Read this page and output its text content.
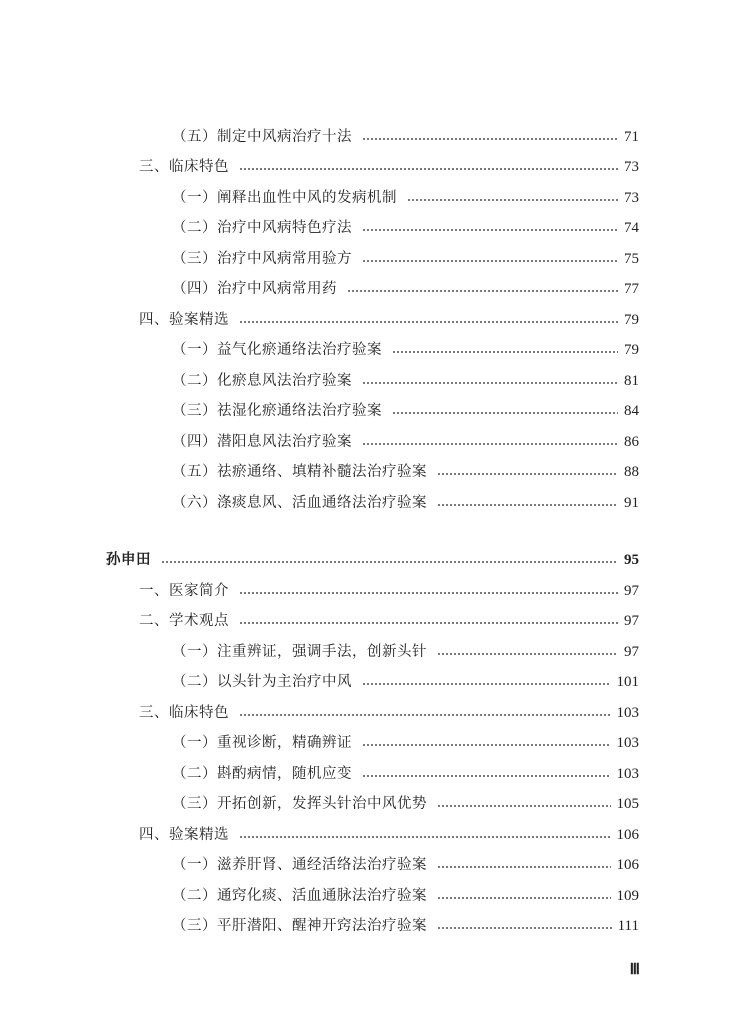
（五）制定中风病治疗十法	71
三、临床特色	73
（一）阐释出血性中风的发病机制	73
（二）治疗中风病特色疗法	74
（三）治疗中风病常用验方	75
（四）治疗中风病常用药	77
四、验案精选	79
（一）益气化瘀通络法治疗验案	79
（二）化瘀息风法治疗验案	81
（三）祛湿化瘀通络法治疗验案	84
（四）潜阳息风法治疗验案	86
（五）祛瘀通络、填精补髓法治疗验案	88
（六）涤痰息风、活血通络法治疗验案	91
孙申田	95
一、医家简介	97
二、学术观点	97
（一）注重辨证，强调手法，创新头针	97
（二）以头针为主治疗中风	101
三、临床特色	103
（一）重视诊断，精确辨证	103
（二）斟酌病情，随机应变	103
（三）开拓创新，发挥头针治中风优势	105
四、验案精选	106
（一）滋养肝肾、通经活络法治疗验案	106
（二）通窍化痰、活血通脉法治疗验案	109
（三）平肝潜阳、醒神开窍法治疗验案	111
Ⅲ
